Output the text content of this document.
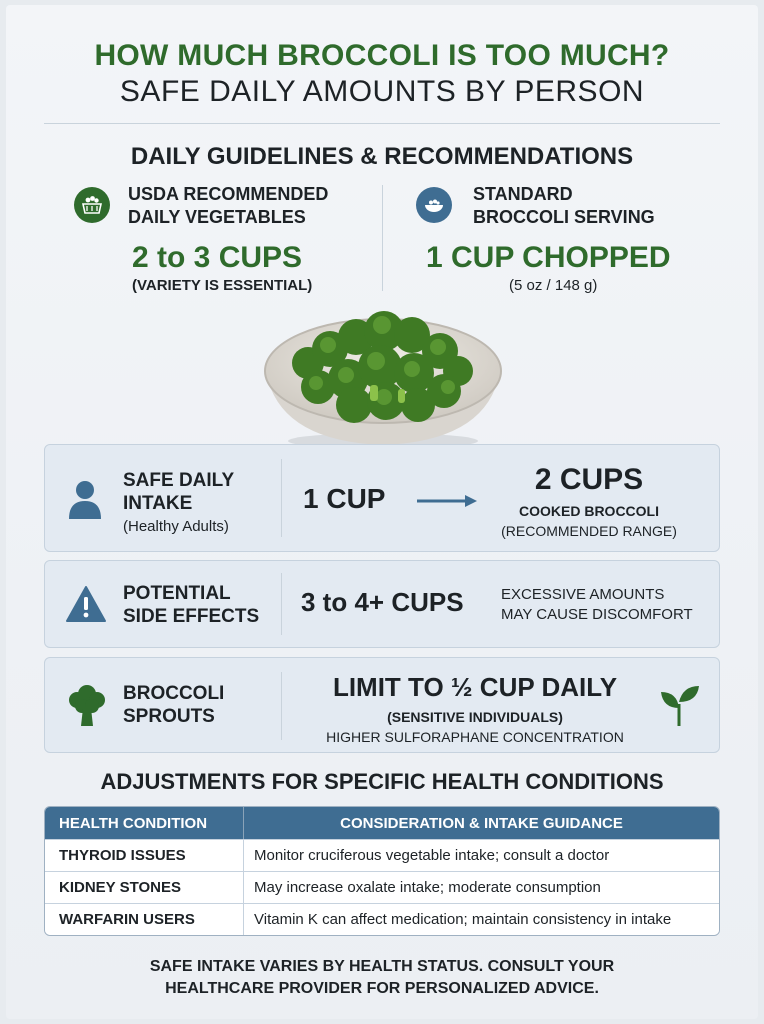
HOW MUCH BROCCOLI IS TOO MUCH?
SAFE DAILY AMOUNTS BY PERSON
DAILY GUIDELINES & RECOMMENDATIONS
USDA RECOMMENDED
DAILY VEGETABLES
2 to 3 CUPS
(VARIETY IS ESSENTIAL)
STANDARD
BROCCOLI SERVING
1 CUP CHOPPED
(5 oz / 148 g)
SAFE DAILY
INTAKE
(Healthy Adults)
1 CUP
2 CUPS
COOKED BROCCOLI
(RECOMMENDED RANGE)
POTENTIAL
SIDE EFFECTS 3 to 4+ CUPS EXCESSIVE AMOUNTS
MAY CAUSE DISCOMFORT
BROCCOLI
SPROUTS
LIMIT TO ½ CUP DAILY
(SENSITIVE INDIVIDUALS)
HIGHER SULFORAPHANE CONCENTRATION
ADJUSTMENTS FOR SPECIFIC HEALTH CONDITIONS
HEALTH CONDITION	CONSIDERATION & INTAKE GUIDANCE
THYROID ISSUES	Monitor cruciferous vegetable intake; consult a doctor
KIDNEY STONES	May increase oxalate intake; moderate consumption
WARFARIN USERS	Vitamin K can affect medication; maintain consistency in intake
SAFE INTAKE VARIES BY HEALTH STATUS. CONSULT YOUR
HEALTHCARE PROVIDER FOR PERSONALIZED ADVICE.
